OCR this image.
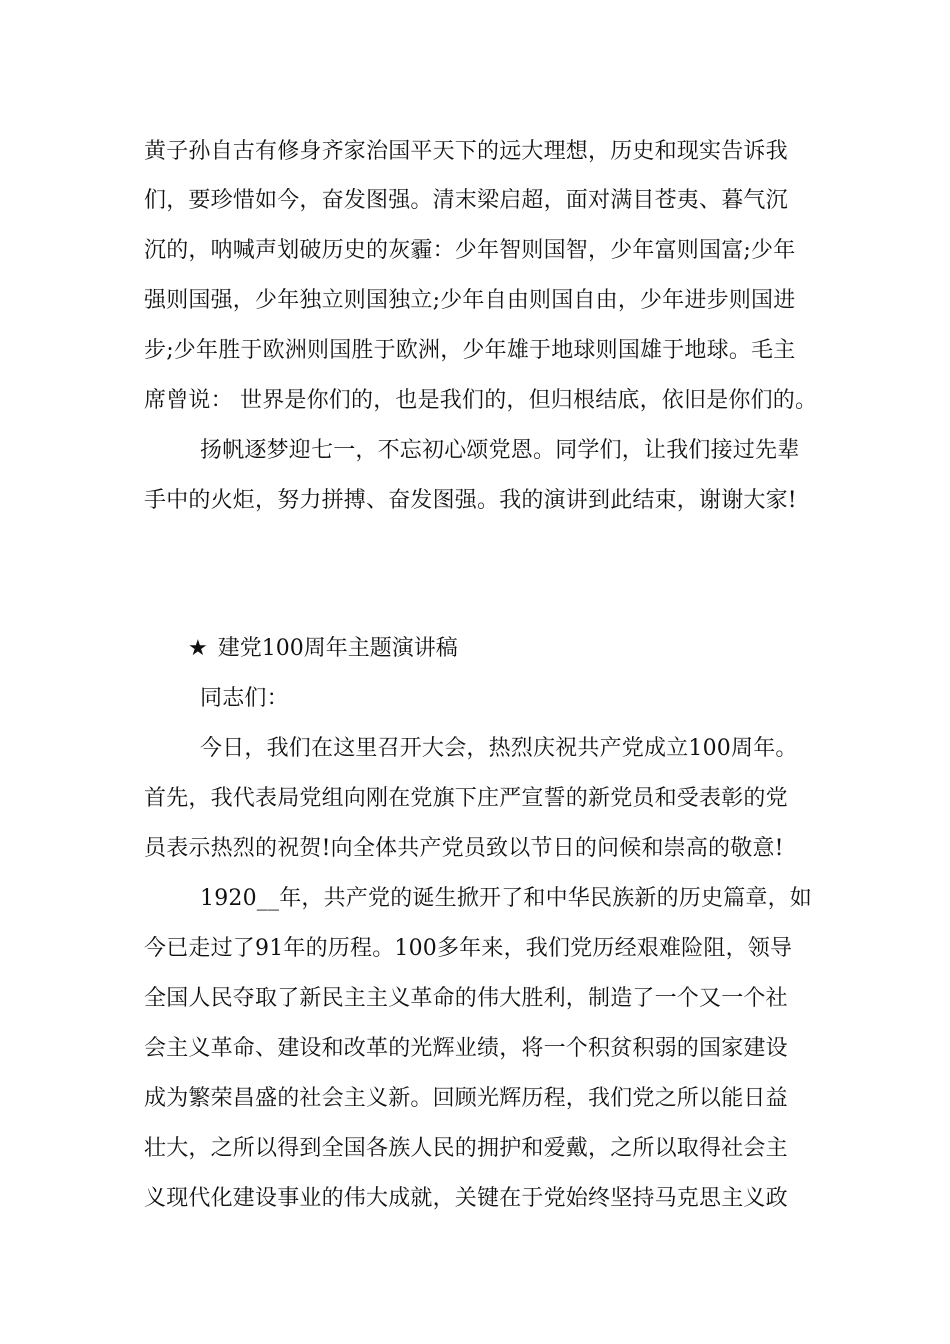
黄子孙自古有修身齐家治国平天下的远大理想，历史和现实告诉我
们，要珍惜如今，奋发图强。清末梁启超，面对满目苍夷、暮气沉
沉的，呐喊声划破历史的灰霾：少年智则国智，少年富则国富;少年
强则国强，少年独立则国独立;少年自由则国自由，少年进步则国进
步;少年胜于欧洲则国胜于欧洲，少年雄于地球则国雄于地球。毛主
席曾说： 世界是你们的，也是我们的，但归根结底，依旧是你们的。
扬帆逐梦迎七一，不忘初心颂党恩。同学们，让我们接过先辈
手中的火炬，努力拼搏、奋发图强。我的演讲到此结束，谢谢大家!
★ 建党100周年主题演讲稿
同志们：
今日，我们在这里召开大会，热烈庆祝共产党成立100周年。
首先，我代表局党组向刚在党旗下庄严宣誓的新党员和受表彰的党
员表示热烈的祝贺!向全体共产党员致以节日的问候和崇高的敬意!
1920__年，共产党的诞生掀开了和中华民族新的历史篇章，如
今已走过了91年的历程。100多年来，我们党历经艰难险阻，领导
全国人民夺取了新民主主义革命的伟大胜利，制造了一个又一个社
会主义革命、建设和改革的光辉业绩，将一个积贫积弱的国家建设
成为繁荣昌盛的社会主义新。回顾光辉历程，我们党之所以能日益
壮大，之所以得到全国各族人民的拥护和爱戴，之所以取得社会主
义现代化建设事业的伟大成就，关键在于党始终坚持马克思主义政
